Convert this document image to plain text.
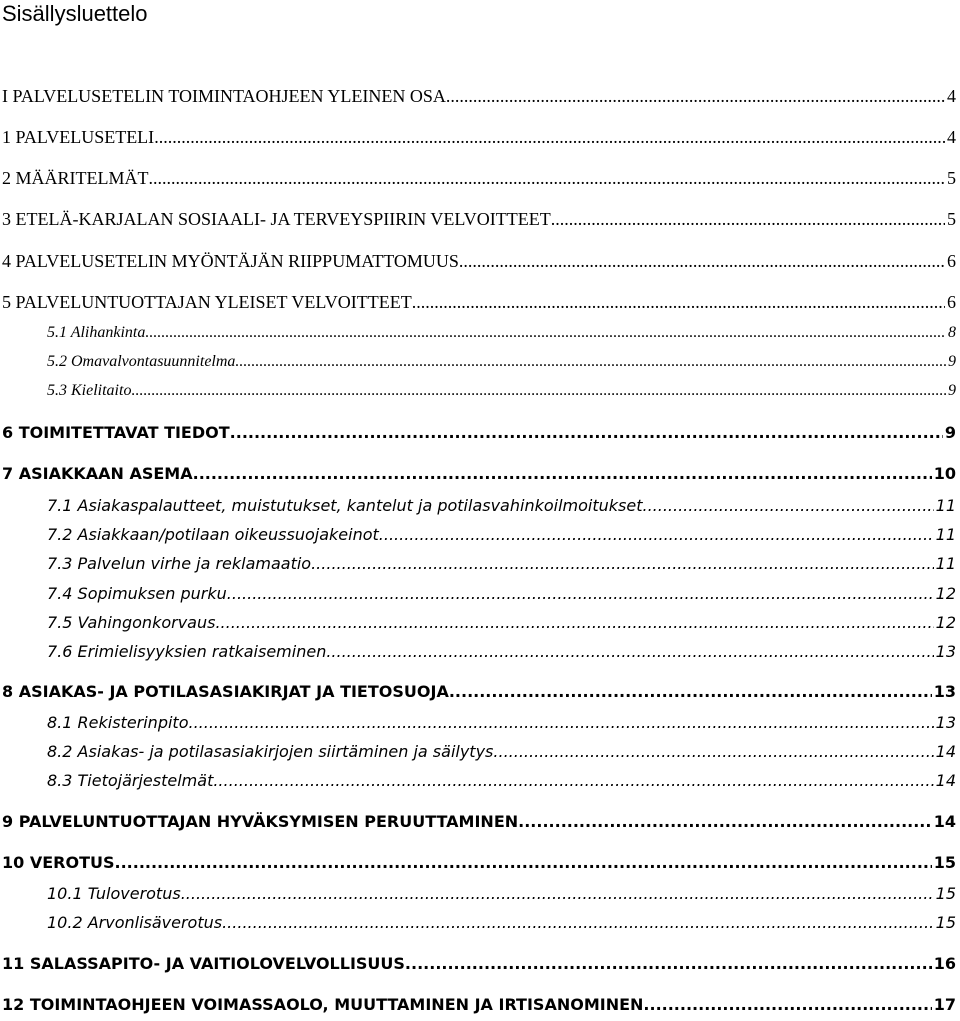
Sisällysluettelo
I PALVELUSETELIN TOIMINTAOHJEEN YLEINEN OSA .....	4
1 PALVELUSETELI .....	4
2 MÄÄRITELMÄT .....	5
3 ETELÄ-KARJALAN SOSIAALI- JA TERVEYSPIIRIN VELVOITTEET .....	5
4 PALVELUSETELIN MYÖNTÄJÄN RIIPPUMATTOMUUS .....	6
5 PALVELUNTUOTTAJAN YLEISET VELVOITTEET .....	6
5.1 Alihankinta .....	8
5.2 Omavalvontasuunnitelma .....	9
5.3 Kielitaito .....	9
6 TOIMITETTAVAT TIEDOT .....	9
7 ASIAKKAAN ASEMA .....	10
7.1 Asiakaspalautteet, muistutukset, kantelut ja potilasvahinkoilmoitukset .....	11
7.2 Asiakkaan/potilaan oikeussuojakeinot .....	11
7.3 Palvelun virhe ja reklamaatio .....	11
7.4 Sopimuksen purku .....	12
7.5 Vahingonkorvaus .....	12
7.6 Erimielisyyksien ratkaiseminen .....	13
8 ASIAKAS- JA POTILASASIAKIRJAT JA TIETOSUOJA .....	13
8.1 Rekisterinpito .....	13
8.2 Asiakas- ja potilasasiakirjojen siirtäminen ja säilytys .....	14
8.3 Tietojärjestelmät .....	14
9 PALVELUNTUOTTAJAN HYVÄKSYMISEN PERUUTTAMINEN .....	14
10 VEROTUS .....	15
10.1 Tuloverotus .....	15
10.2 Arvonlisäverotus .....	15
11 SALASSAPITO- JA VAITIOLOVELVOLLISUUS .....	16
12 TOIMINTAOHJEEN VOIMASSAOLO, MUUTTAMINEN JA IRTISANOMINEN .....	17
